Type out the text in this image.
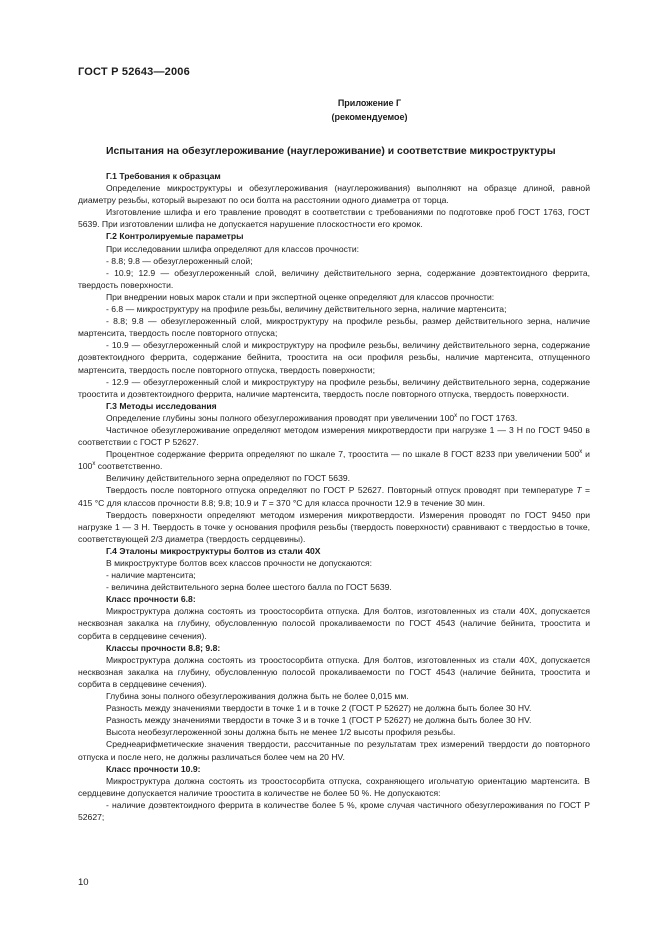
ГОСТ Р 52643—2006
Приложение Г
(рекомендуемое)
Испытания на обезуглероживание (науглероживание) и соответствие микроструктуры
Г.1 Требования к образцам
Определение микроструктуры и обезуглероживания (науглероживания) выполняют на образце длиной, равной диаметру резьбы, который вырезают по оси болта на расстоянии одного диаметра от торца.
Изготовление шлифа и его травление проводят в соответствии с требованиями по подготовке проб ГОСТ 1763, ГОСТ 5639. При изготовлении шлифа не допускается нарушение плоскостности его кромок.
Г.2 Контролируемые параметры
При исследовании шлифа определяют для классов прочности:
- 8.8; 9.8 — обезуглероженный слой;
- 10.9; 12.9 — обезуглероженный слой, величину действительного зерна, содержание доэвтектоидного феррита, твердость поверхности.
При внедрении новых марок стали и при экспертной оценке определяют для классов прочности:
- 6.8 — микроструктуру на профиле резьбы, величину действительного зерна, наличие мартенсита;
- 8.8; 9.8 — обезуглероженный слой, микроструктуру на профиле резьбы, размер действительного зерна, наличие мартенсита, твердость после повторного отпуска;
- 10.9 — обезуглероженный слой и микроструктуру на профиле резьбы, величину действительного зерна, содержание доэвтектоидного феррита, содержание бейнита, троостита на оси профиля резьбы, наличие мартенсита, отпущенного мартенсита, твердость после повторного отпуска, твердость поверхности;
- 12.9 — обезуглероженный слой и микроструктуру на профиле резьбы, величину действительного зерна, содержание троостита и доэвтектоидного феррита, наличие мартенсита, твердость после повторного отпуска, твердость поверхности.
Г.3 Методы исследования
Определение глубины зоны полного обезуглероживания проводят при увеличении 100$^x$ по ГОСТ 1763.
Частичное обезуглероживание определяют методом измерения микротвердости при нагрузке 1 — 3 Н по ГОСТ 9450 в соответствии с ГОСТ Р 52627.
Процентное содержание феррита определяют по шкале 7, троостита — по шкале 8 ГОСТ 8233 при увеличении 500$^x$ и 100$^x$ соответственно.
Величину действительного зерна определяют по ГОСТ 5639.
Твердость после повторного отпуска определяют по ГОСТ Р 52627. Повторный отпуск проводят при температуре Т = 415 °С для классов прочности 8.8; 9.8; 10.9 и Т = 370 °С для класса прочности 12.9 в течение 30 мин.
Твердость поверхности определяют методом измерения микротвердости. Измерения проводят по ГОСТ 9450 при нагрузке 1 — 3 Н. Твердость в точке у основания профиля резьбы (твердость поверхности) сравнивают с твердостью в точке, соответствующей 2/3 диаметра (твердость сердцевины).
Г.4 Эталоны микроструктуры болтов из стали 40Х
В микроструктуре болтов всех классов прочности не допускаются:
- наличие мартенсита;
- величина действительного зерна более шестого балла по ГОСТ 5639.
Класс прочности 6.8:
Микроструктура должна состоять из троостосорбита отпуска. Для болтов, изготовленных из стали 40Х, допускается несквозная закалка на глубину, обусловленную полосой прокаливаемости по ГОСТ 4543 (наличие бейнита, троостита и сорбита в сердцевине сечения).
Классы прочности 8.8; 9.8:
Микроструктура должна состоять из троостосорбита отпуска. Для болтов, изготовленных из стали 40Х, допускается несквозная закалка на глубину, обусловленную полосой прокаливаемости по ГОСТ 4543 (наличие бейнита, троостита и сорбита в сердцевине сечения).
Глубина зоны полного обезуглероживания должна быть не более 0,015 мм.
Разность между значениями твердости в точке 1 и в точке 2 (ГОСТ Р 52627) не должна быть более 30 HV.
Разность между значениями твердости в точке 3 и в точке 1 (ГОСТ Р 52627) не должна быть более 30 HV.
Высота необезуглероженной зоны должна быть не менее 1/2 высоты профиля резьбы.
Среднеарифметические значения твердости, рассчитанные по результатам трех измерений твердости до повторного отпуска и после него, не должны различаться более чем на 20 HV.
Класс прочности 10.9:
Микроструктура должна состоять из троостосорбита отпуска, сохраняющего игольчатую ориентацию мартенсита. В сердцевине допускается наличие троостита в количестве не более 50 %. Не допускаются:
- наличие доэвтектоидного феррита в количестве более 5 %, кроме случая частичного обезуглероживания по ГОСТ Р 52627;
10
